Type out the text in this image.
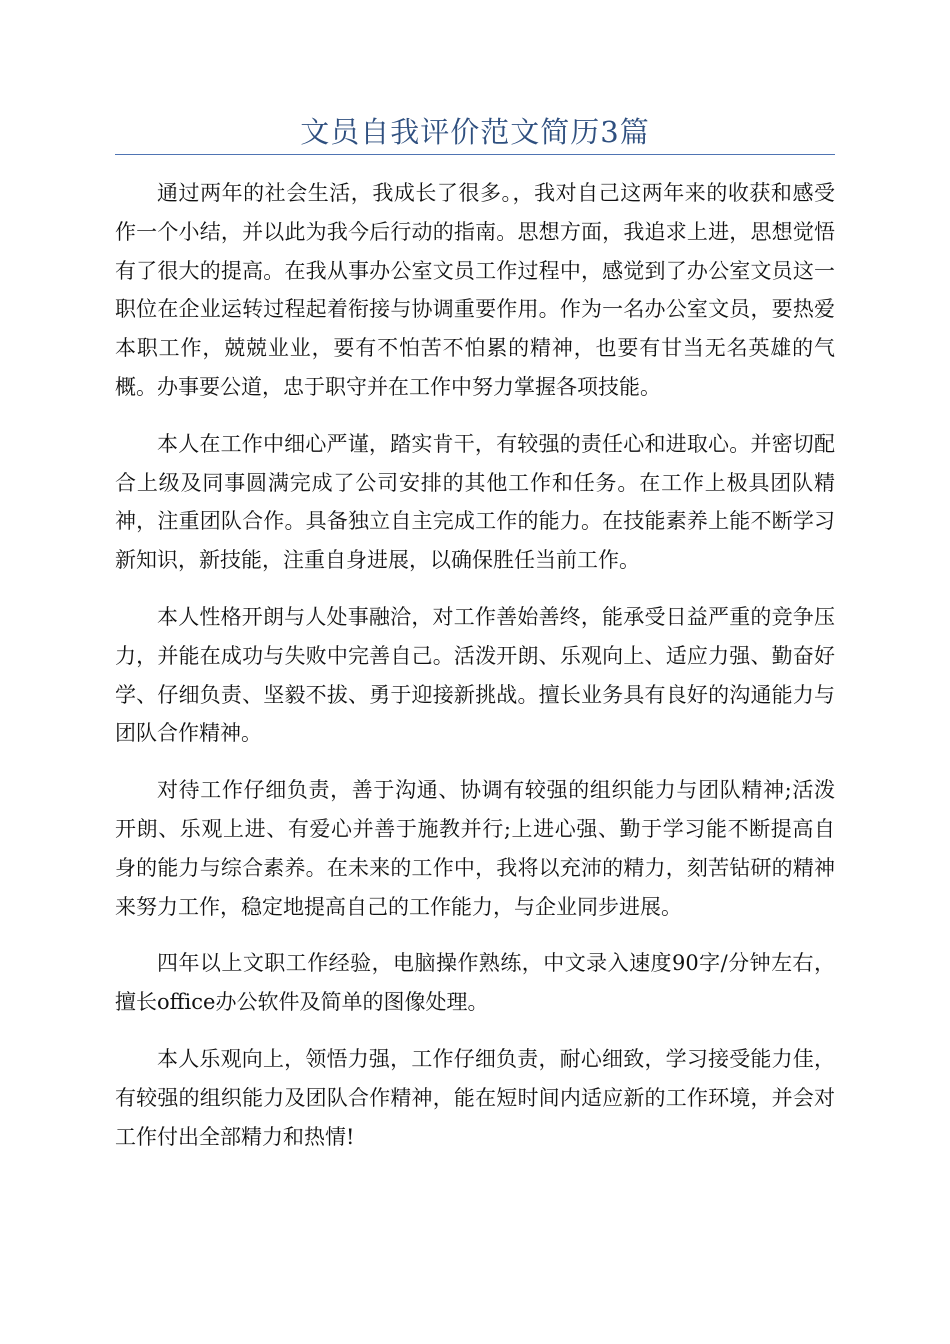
文员自我评价范文简历3篇

通过两年的社会生活，我成长了很多。，我对自己这两年来的收获和感受作一个小结，并以此为我今后行动的指南。思想方面，我追求上进，思想觉悟有了很大的提高。在我从事办公室文员工作过程中，感觉到了办公室文员这一职位在企业运转过程起着衔接与协调重要作用。作为一名办公室文员，要热爱本职工作，兢兢业业，要有不怕苦不怕累的精神，也要有甘当无名英雄的气概。办事要公道，忠于职守并在工作中努力掌握各项技能。

本人在工作中细心严谨，踏实肯干，有较强的责任心和进取心。并密切配合上级及同事圆满完成了公司安排的其他工作和任务。在工作上极具团队精神，注重团队合作。具备独立自主完成工作的能力。在技能素养上能不断学习新知识，新技能，注重自身进展，以确保胜任当前工作。

本人性格开朗与人处事融洽，对工作善始善终，能承受日益严重的竞争压力，并能在成功与失败中完善自己。活泼开朗、乐观向上、适应力强、勤奋好学、仔细负责、坚毅不拔、勇于迎接新挑战。擅长业务具有良好的沟通能力与团队合作精神。

对待工作仔细负责，善于沟通、协调有较强的组织能力与团队精神;活泼开朗、乐观上进、有爱心并善于施教并行;上进心强、勤于学习能不断提高自身的能力与综合素养。在未来的工作中，我将以充沛的精力，刻苦钻研的精神来努力工作，稳定地提高自己的工作能力，与企业同步进展。

四年以上文职工作经验，电脑操作熟练，中文录入速度90字/分钟左右，擅长office办公软件及简单的图像处理。

本人乐观向上，领悟力强，工作仔细负责，耐心细致，学习接受能力佳，有较强的组织能力及团队合作精神，能在短时间内适应新的工作环境，并会对工作付出全部精力和热情!
